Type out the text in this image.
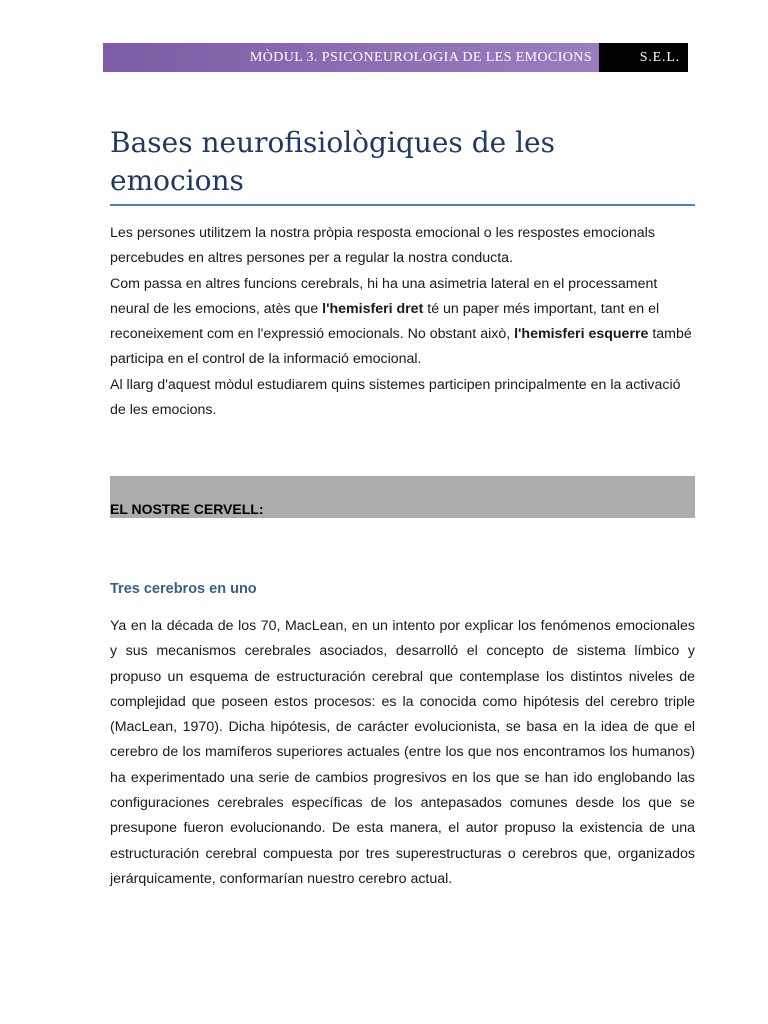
MÒDUL 3. PSICONEUROLOGIA DE LES EMOCIONS	S.E.L.
Bases neurofisiològiques de les emocions

Les persones utilitzem la nostra pròpia resposta emocional o les respostes emocionals percebudes en altres persones per a regular la nostra conducta.

Com passa en altres funcions cerebrals, hi ha una asimetria lateral en el processament neural de les emocions, atès que l'hemisferi dret té un paper més important, tant en el reconeixement com en l'expressió emocionals. No obstant això, l'hemisferi esquerre també participa en el control de la informació emocional.

Al llarg d'aquest mòdul estudiarem quins sistemes participen principalmente en la activació de les emocions.

EL NOSTRE CERVELL:
Tres cerebros en uno

Ya en la década de los 70, MacLean, en un intento por explicar los fenómenos emocionales y sus mecanismos cerebrales asociados, desarrolló el concepto de sistema límbico y propuso un esquema de estructuración cerebral que contemplase los distintos niveles de complejidad que poseen estos procesos: es la conocida como hipótesis del cerebro triple (MacLean, 1970). Dicha hipótesis, de carácter evolucionista, se basa en la idea de que el cerebro de los mamíferos superiores actuales (entre los que nos encontramos los humanos) ha experimentado una serie de cambios progresivos en los que se han ido englobando las configuraciones cerebrales específicas de los antepasados comunes desde los que se presupone fueron evolucionando. De esta manera, el autor propuso la existencia de una estructuración cerebral compuesta por tres superestructuras o cerebros que, organizados jerárquicamente, conformarían nuestro cerebro actual.
